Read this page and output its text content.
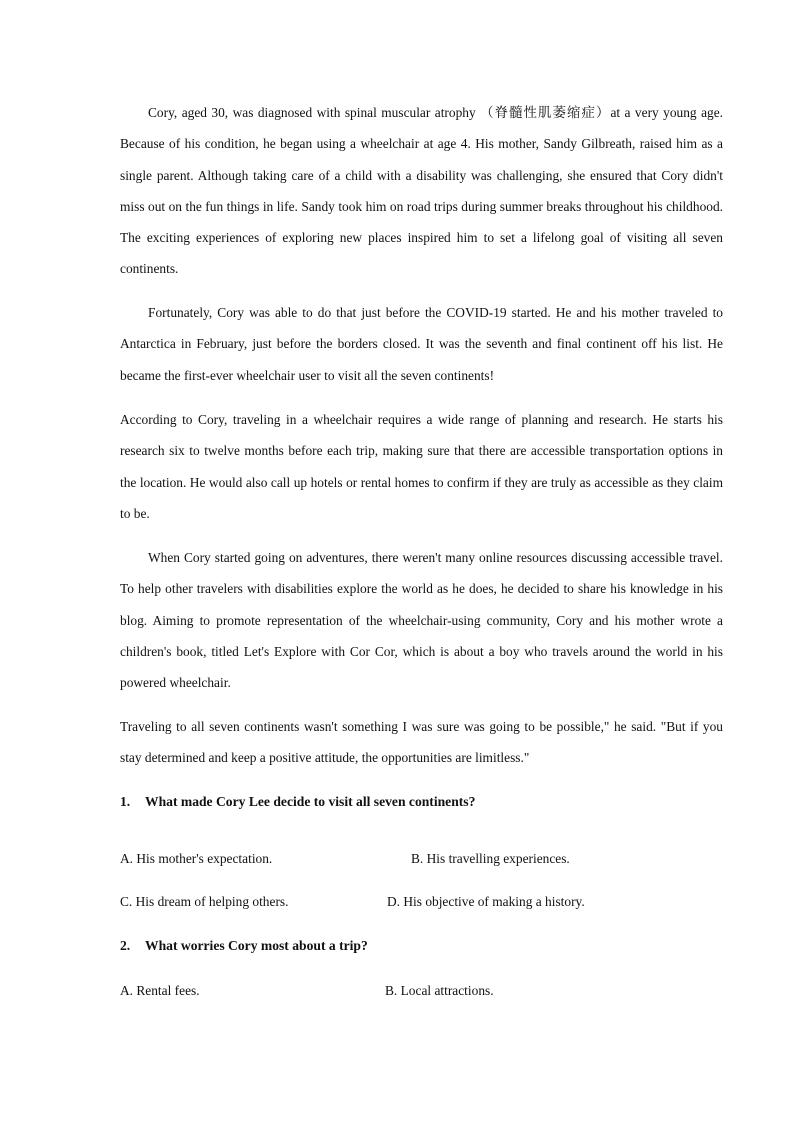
Cory, aged 30, was diagnosed with spinal muscular atrophy （脊髓性肌萎缩症）at a very young age. Because of his condition, he began using a wheelchair at age 4. His mother, Sandy Gilbreath, raised him as a single parent. Although taking care of a child with a disability was challenging, she ensured that Cory didn't miss out on the fun things in life. Sandy took him on road trips during summer breaks throughout his childhood. The exciting experiences of exploring new places inspired him to set a lifelong goal of visiting all seven continents.

Fortunately, Cory was able to do that just before the COVID-19 started. He and his mother traveled to Antarctica in February, just before the borders closed. It was the seventh and final continent off his list. He became the first-ever wheelchair user to visit all the seven continents!

According to Cory, traveling in a wheelchair requires a wide range of planning and research. He starts his research six to twelve months before each trip, making sure that there are accessible transportation options in the location. He would also call up hotels or rental homes to confirm if they are truly as accessible as they claim to be.

When Cory started going on adventures, there weren't many online resources discussing accessible travel. To help other travelers with disabilities explore the world as he does, he decided to share his knowledge in his blog. Aiming to promote representation of the wheelchair-using community, Cory and his mother wrote a children's book, titled Let's Explore with Cor Cor, which is about a boy who travels around the world in his powered wheelchair.

Traveling to all seven continents wasn't something I was sure was going to be possible," he said. "But if you stay determined and keep a positive attitude, the opportunities are limitless."

1. What made Cory Lee decide to visit all seven continents?
A. His mother's expectation.	B. His travelling experiences.
C. His dream of helping others.	D. His objective of making a history.
2. What worries Cory most about a trip?
A. Rental fees.	B. Local attractions.
